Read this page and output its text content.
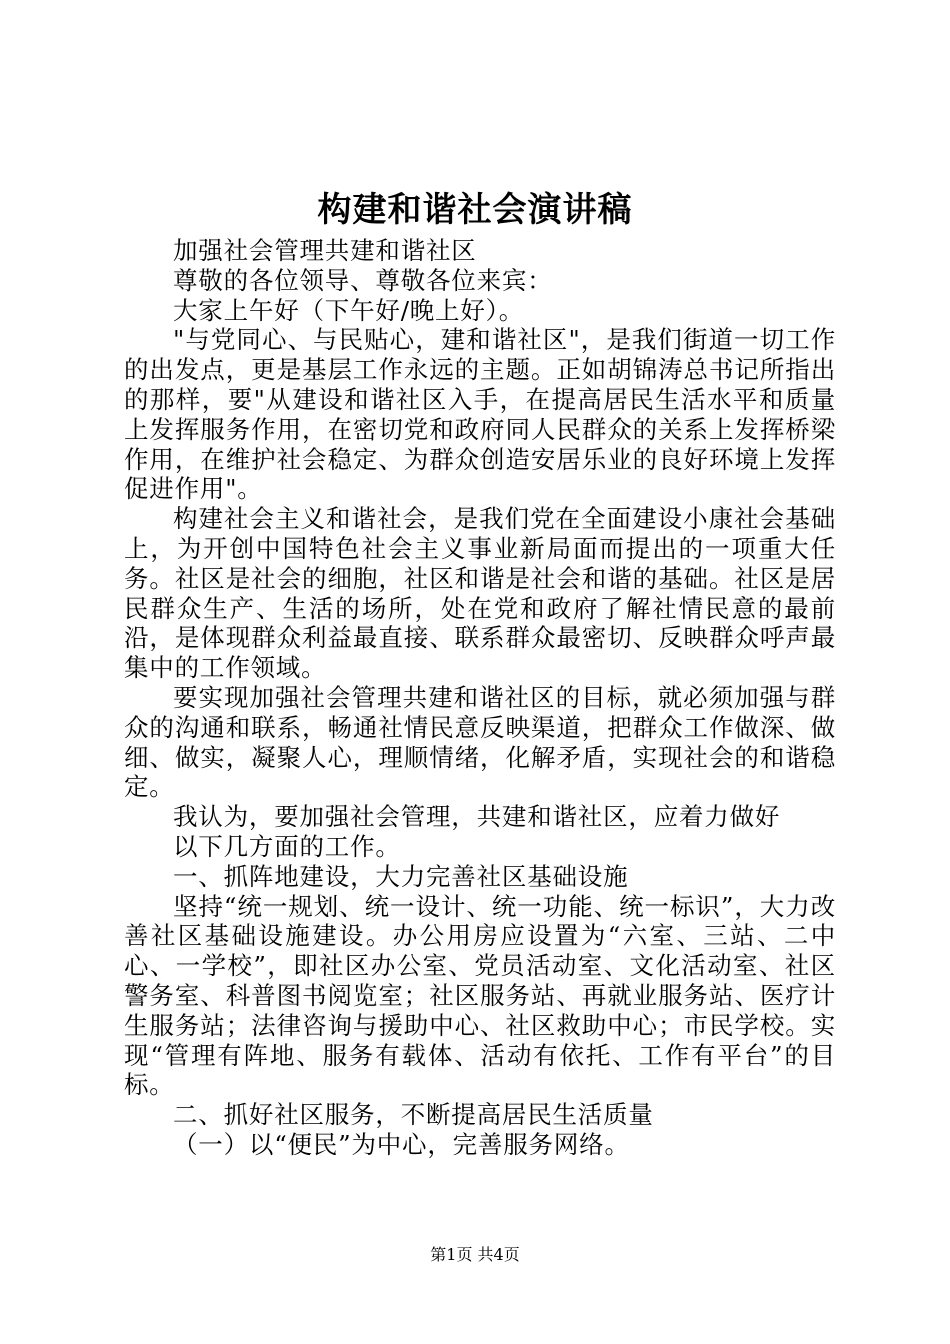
构建和谐社会演讲稿

加强社会管理共建和谐社区

尊敬的各位领导、尊敬各位来宾：

大家上午好（下午好/晚上好）。

"与党同心、与民贴心，建和谐社区"，是我们街道一切工作的出发点，更是基层工作永远的主题。正如胡锦涛总书记所指出的那样，要"从建设和谐社区入手，在提高居民生活水平和质量上发挥服务作用，在密切党和政府同人民群众的关系上发挥桥梁作用，在维护社会稳定、为群众创造安居乐业的良好环境上发挥促进作用"。

构建社会主义和谐社会，是我们党在全面建设小康社会基础上，为开创中国特色社会主义事业新局面而提出的一项重大任务。社区是社会的细胞，社区和谐是社会和谐的基础。社区是居民群众生产、生活的场所，处在党和政府了解社情民意的最前沿，是体现群众利益最直接、联系群众最密切、反映群众呼声最集中的工作领域。

要实现加强社会管理共建和谐社区的目标，就必须加强与群众的沟通和联系，畅通社情民意反映渠道，把群众工作做深、做细、做实，凝聚人心，理顺情绪，化解矛盾，实现社会的和谐稳定。

我认为，要加强社会管理，共建和谐社区，应着力做好

以下几方面的工作。

一、抓阵地建设，大力完善社区基础设施

坚持“统一规划、统一设计、统一功能、统一标识”，大力改善社区基础设施建设。办公用房应设置为“六室、三站、二中心、一学校”，即社区办公室、党员活动室、文化活动室、社区警务室、科普图书阅览室；社区服务站、再就业服务站、医疗计生服务站；法律咨询与援助中心、社区救助中心；市民学校。实现“管理有阵地、服务有载体、活动有依托、工作有平台”的目标。

二、抓好社区服务，不断提高居民生活质量

（一）以“便民”为中心，完善服务网络。

第1页 共4页
